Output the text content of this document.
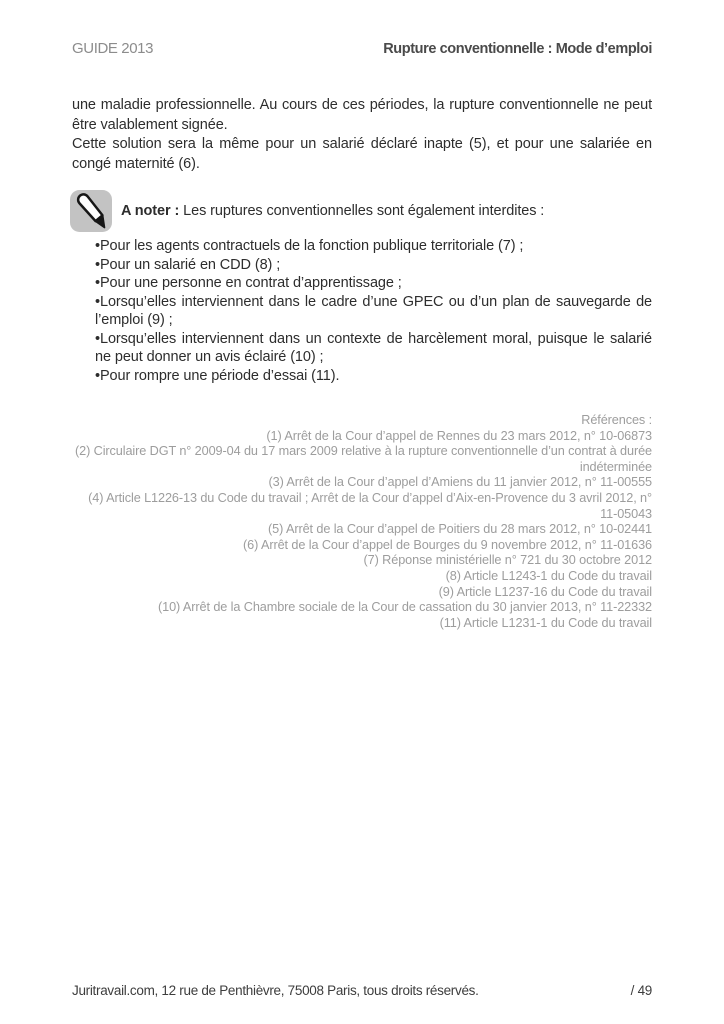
GUIDE 2013	Rupture conventionnelle : Mode d’emploi
une maladie professionnelle. Au cours de ces périodes, la rupture conventionnelle ne peut être valablement signée.
Cette solution sera la même pour un salarié déclaré inapte (5), et pour une salariée en congé maternité (6).

A noter : Les ruptures conventionnelles sont également interdites :

• Pour les agents contractuels de la fonction publique territoriale (7) ;
• Pour un salarié en CDD (8) ;
• Pour une personne en contrat d’apprentissage ;
• Lorsqu’elles interviennent dans le cadre d’une GPEC ou d’un plan de sauvegarde de l’emploi (9) ;
• Lorsqu’elles interviennent dans un contexte de harcèlement moral, puisque le salarié ne peut donner un avis éclairé (10) ;
• Pour rompre une période d’essai (11).
Références :
(1) Arrêt de la Cour d’appel de Rennes du 23 mars 2012, n° 10-06873
(2) Circulaire DGT n° 2009-04 du 17 mars 2009 relative à la rupture conventionnelle d’un contrat à durée indéterminée
(3) Arrêt de la Cour d’appel d’Amiens du 11 janvier 2012, n° 11-00555
(4) Article L1226-13 du Code du travail ; Arrêt de la Cour d’appel d’Aix-en-Provence du 3 avril 2012, n° 11-05043
(5) Arrêt de la Cour d’appel de Poitiers du 28 mars 2012, n° 10-02441
(6) Arrêt de la Cour d’appel de Bourges du 9 novembre 2012, n° 11-01636
(7) Réponse ministérielle n° 721 du 30 octobre 2012
(8) Article L1243-1 du Code du travail
(9) Article L1237-16 du Code du travail
(10) Arrêt de la Chambre sociale de la Cour de cassation du 30 janvier 2013, n° 11-22332
(11) Article L1231-1 du Code du travail
Juritravail.com, 12 rue de Penthièvre, 75008 Paris, tous droits réservés.	/ 49
